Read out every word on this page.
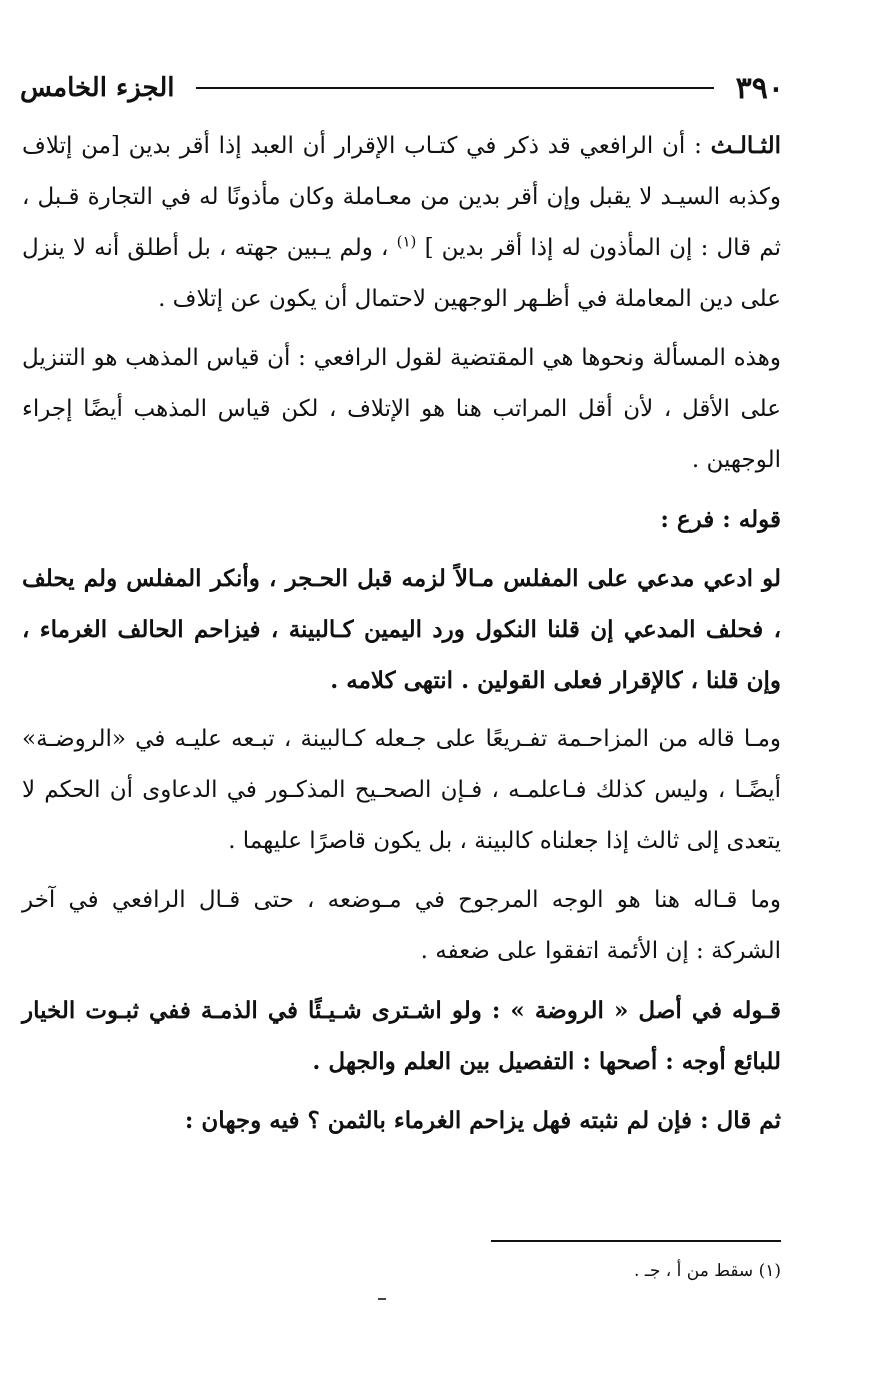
٣٩٠
الجزء الخامس

الثـالـث : أن الرافعي قد ذكر في كتـاب الإقرار أن العبد إذا أقر بدين [من إتلاف وكذبه السيـد لا يقبل وإن أقر بدين من معـاملة وكان مأذونًا له في التجارة قـبل ، ثم قال : إن المأذون له إذا أقر بدين ] $^{(١)}$ ، ولم يـبين جهته ، بل أطلق أنه لا ينزل على دين المعاملة في أظـهر الوجهين لاحتمال أن يكون عن إتلاف .

وهذه المسألة ونحوها هي المقتضية لقول الرافعي : أن قياس المذهب هو التنزيل على الأقل ، لأن أقل المراتب هنا هو الإتلاف ، لكن قياس المذهب أيضًا إجراء الوجهين .

قوله : فرع :

لو ادعي مدعي على المفلس مـالاً لزمه قبل الحـجر ، وأنكر المفلس ولم يحلف ، فحلف المدعي إن قلنا النكول ورد اليمين كـالبينة ، فيزاحم الحالف الغرماء ، وإن قلنا ، كالإقرار فعلى القولين . انتهى كلامه .

ومـا قاله من المزاحـمة تفـريعًا على جـعله كـالبينة ، تبـعه عليـه في «الروضـة» أيضًـا ، وليس كذلك فـاعلمـه ، فـإن الصحـيح المذكـور في الدعاوى أن الحكم لا يتعدى إلى ثالث إذا جعلناه كالبينة ، بل يكون قاصرًا عليهما .

وما قـاله هنا هو الوجه المرجوح في مـوضعه ، حتى قـال الرافعي في آخر الشركة : إن الأئمة اتفقوا على ضعفه .

قـوله في أصل « الروضة » : ولو اشـترى شـيـئًا في الذمـة ففي ثبـوت الخيار للبائع أوجه : أصحها : التفصيل بين العلم والجهل .

ثم قال : فإن لم نثبته فهل يزاحم الغرماء بالثمن ؟ فيه وجهان :

(١) سقط من أ ، جـ .
